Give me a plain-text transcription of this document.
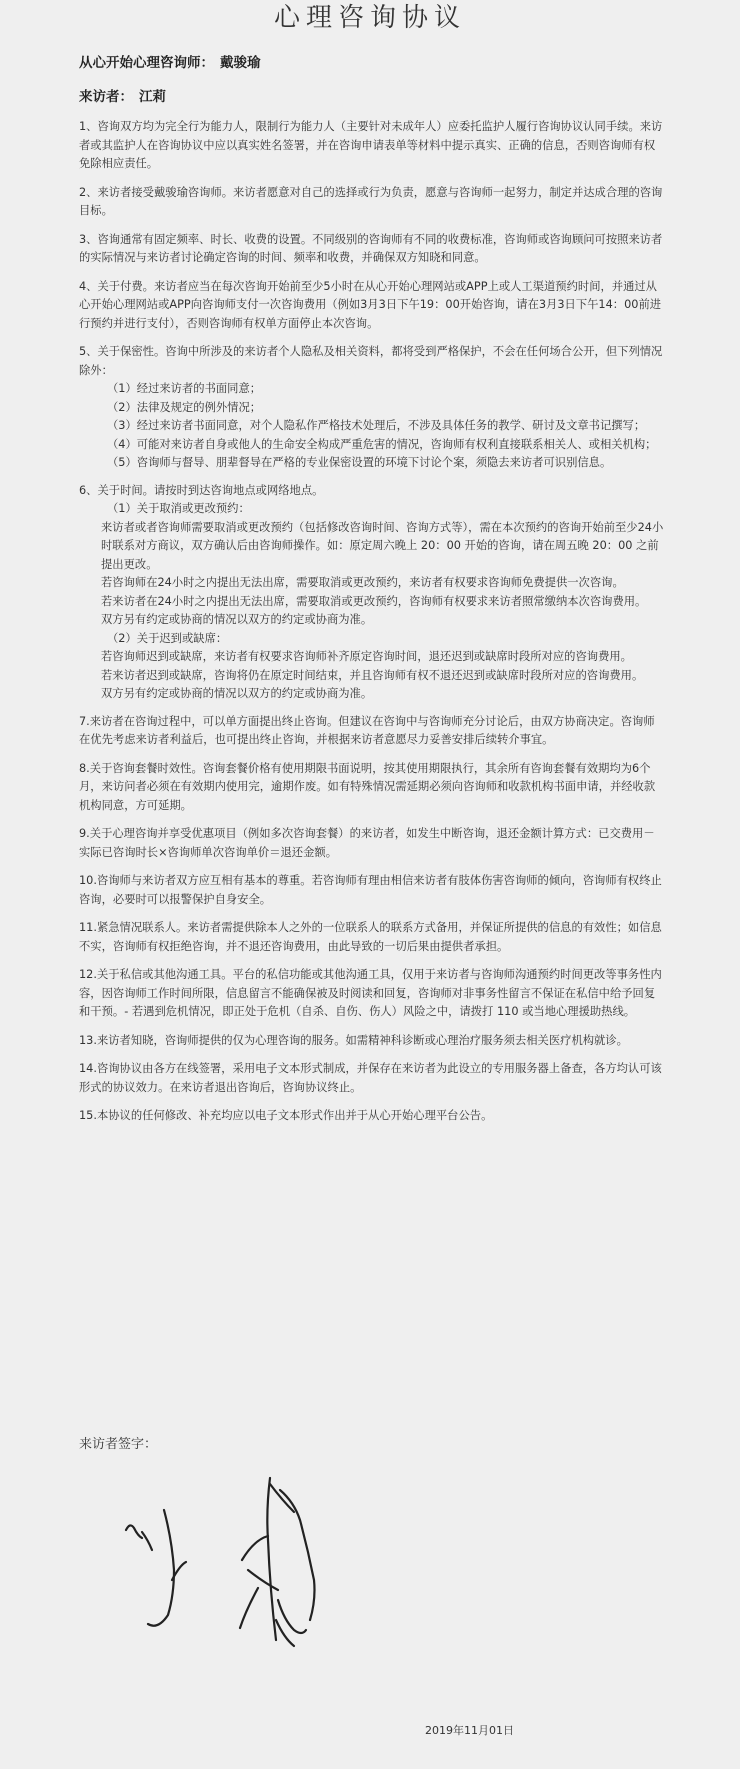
心理咨询协议
从心开始心理咨询师： 戴骏瑜
来访者： 江莉
1、咨询双方均为完全行为能力人，限制行为能力人（主要针对未成年人）应委托监护人履行咨询协议认同手续。来访者或其监护人在咨询协议中应以真实姓名签署，并在咨询申请表单等材料中提示真实、正确的信息，否则咨询师有权免除相应责任。
2、来访者接受戴骏瑜咨询师。来访者愿意对自己的选择或行为负责，愿意与咨询师一起努力，制定并达成合理的咨询目标。
3、咨询通常有固定频率、时长、收费的设置。不同级别的咨询师有不同的收费标准，咨询师或咨询顾问可按照来访者的实际情况与来访者讨论确定咨询的时间、频率和收费，并确保双方知晓和同意。
4、关于付费。来访者应当在每次咨询开始前至少5小时在从心开始心理网站或APP上或人工渠道预约时间，并通过从心开始心理网站或APP向咨询师支付一次咨询费用（例如3月3日下午19：00开始咨询，请在3月3日下午14：00前进行预约并进行支付），否则咨询师有权单方面停止本次咨询。
5、关于保密性。咨询中所涉及的来访者个人隐私及相关资料，都将受到严格保护，不会在任何场合公开，但下列情况除外：
（1）经过来访者的书面同意；
（2）法律及规定的例外情况；
（3）经过来访者书面同意，对个人隐私作严格技术处理后，不涉及具体任务的教学、研讨及文章书记撰写；
（4）可能对来访者自身或他人的生命安全构成严重危害的情况，咨询师有权利直接联系相关人、或相关机构；
（5）咨询师与督导、朋辈督导在严格的专业保密设置的环境下讨论个案，须隐去来访者可识别信息。
6、关于时间。请按时到达咨询地点或网络地点。
（1）关于取消或更改预约：
来访者或者咨询师需要取消或更改预约（包括修改咨询时间、咨询方式等），需在本次预约的咨询开始前至少24小时联系对方商议，双方确认后由咨询师操作。如：原定周六晚上 20：00 开始的咨询，请在周五晚 20：00 之前提出更改。
若咨询师在24小时之内提出无法出席，需要取消或更改预约，来访者有权要求咨询师免费提供一次咨询。
若来访者在24小时之内提出无法出席，需要取消或更改预约，咨询师有权要求来访者照常缴纳本次咨询费用。
双方另有约定或协商的情况以双方的约定或协商为准。
（2）关于迟到或缺席：
若咨询师迟到或缺席，来访者有权要求咨询师补齐原定咨询时间，退还迟到或缺席时段所对应的咨询费用。
若来访者迟到或缺席，咨询将仍在原定时间结束，并且咨询师有权不退还迟到或缺席时段所对应的咨询费用。
双方另有约定或协商的情况以双方的约定或协商为准。
7.来访者在咨询过程中，可以单方面提出终止咨询。但建议在咨询中与咨询师充分讨论后，由双方协商决定。咨询师在优先考虑来访者利益后，也可提出终止咨询，并根据来访者意愿尽力妥善安排后续转介事宜。
8.关于咨询套餐时效性。咨询套餐价格有使用期限书面说明，按其使用期限执行，其余所有咨询套餐有效期均为6个月，来访问者必须在有效期内使用完，逾期作废。如有特殊情况需延期必须向咨询师和收款机构书面申请，并经收款机构同意，方可延期。
9.关于心理咨询并享受优惠项目（例如多次咨询套餐）的来访者，如发生中断咨询，退还金额计算方式：已交费用－实际已咨询时长×咨询师单次咨询单价＝退还金额。
10.咨询师与来访者双方应互相有基本的尊重。若咨询师有理由相信来访者有肢体伤害咨询师的倾向，咨询师有权终止咨询，必要时可以报警保护自身安全。
11.紧急情况联系人。来访者需提供除本人之外的一位联系人的联系方式备用，并保证所提供的信息的有效性；如信息不实，咨询师有权拒绝咨询，并不退还咨询费用，由此导致的一切后果由提供者承担。
12.关于私信或其他沟通工具。平台的私信功能或其他沟通工具，仅用于来访者与咨询师沟通预约时间更改等事务性内容，因咨询师工作时间所限，信息留言不能确保被及时阅读和回复，咨询师对非事务性留言不保证在私信中给予回复和干预。- 若遇到危机情况，即正处于危机（自杀、自伤、伤人）风险之中，请拨打 110 或当地心理援助热线。
13.来访者知晓，咨询师提供的仅为心理咨询的服务。如需精神科诊断或心理治疗服务须去相关医疗机构就诊。
14.咨询协议由各方在线签署，采用电子文本形式制成，并保存在来访者为此设立的专用服务器上备查，各方均认可该形式的协议效力。在来访者退出咨询后，咨询协议终止。
15.本协议的任何修改、补充均应以电子文本形式作出并于从心开始心理平台公告。
来访者签字：
2019年11月01日
